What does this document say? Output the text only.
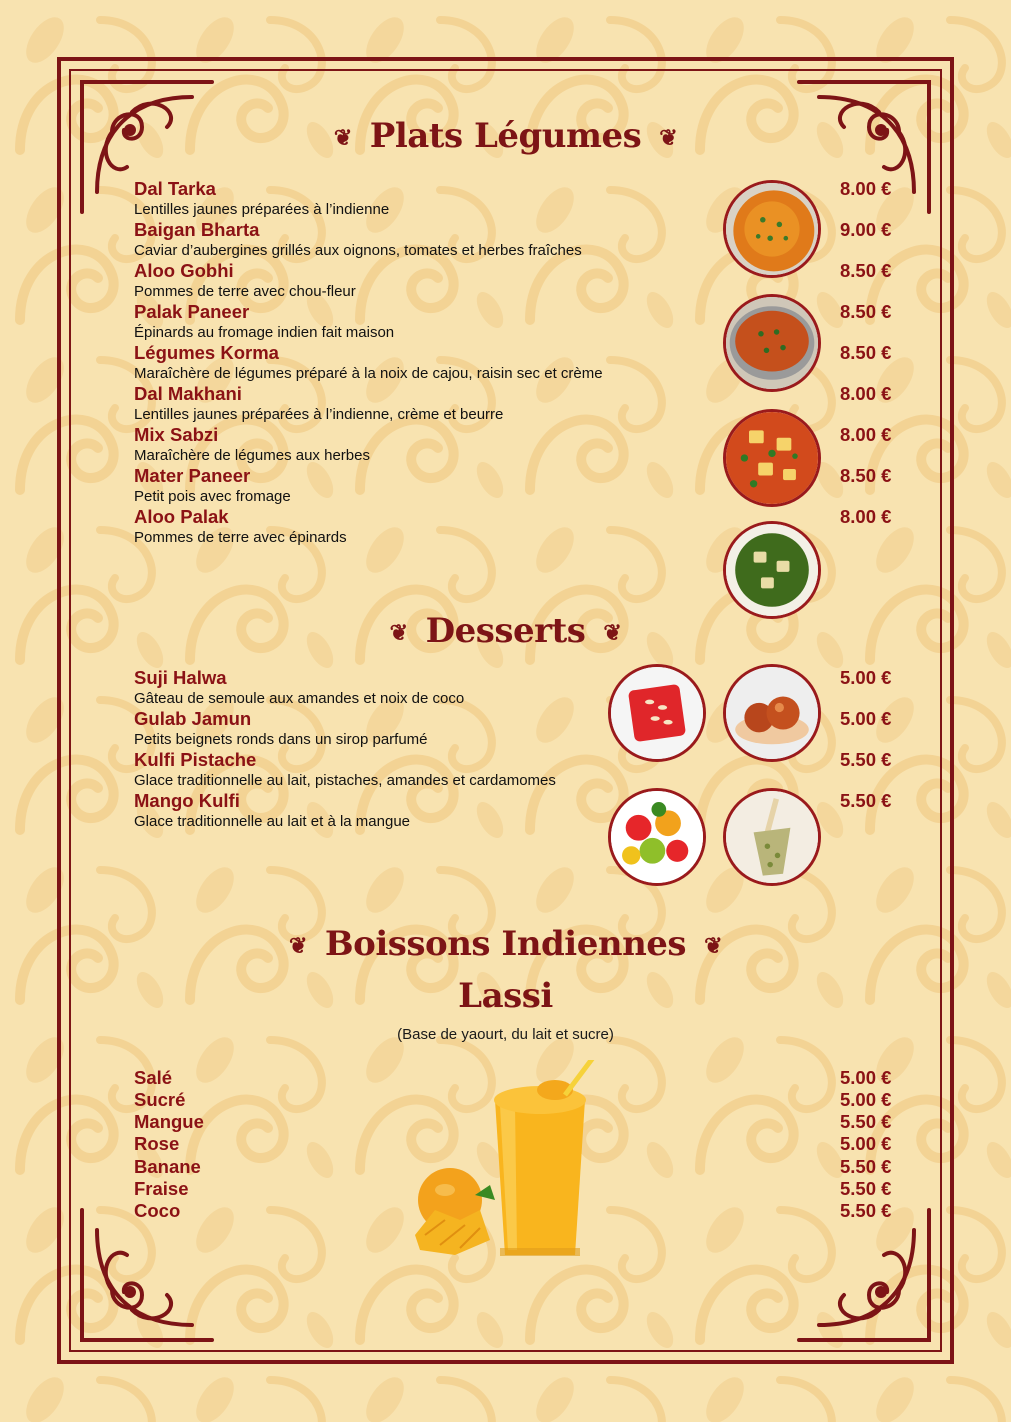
❦ Plats Légumes ❦
Dal Tarka
Lentilles jaunes préparées à l’indienne
8.00 €
Baigan Bharta
Caviar d’aubergines grillés aux oignons, tomates et herbes fraîches
9.00 €
Aloo Gobhi
Pommes de terre avec chou-fleur
8.50 €
Palak Paneer
Épinards au fromage indien fait maison
8.50 €
Légumes Korma
Maraîchère de légumes préparé à la noix de cajou, raisin sec et crème
8.50 €
Dal Makhani
Lentilles jaunes préparées à l’indienne, crème et beurre
8.00 €
Mix Sabzi
Maraîchère de légumes aux herbes
8.00 €
Mater Paneer
Petit pois avec fromage
8.50 €
Aloo Palak
Pommes de terre avec épinards
8.00 €
❦ Desserts ❦
Suji Halwa
Gâteau de semoule aux amandes et noix de coco
5.00 €
Gulab Jamun
Petits beignets ronds dans un sirop parfumé
5.00 €
Kulfi Pistache
Glace traditionnelle au lait, pistaches, amandes et cardamomes
5.50 €
Mango Kulfi
Glace traditionnelle au lait et à la mangue
5.50 €
❦ Boissons Indiennes ❦
Lassi
(Base de yaourt, du lait et sucre)
Salé	5.00 €
Sucré	5.00 €
Mangue	5.50 €
Rose	5.00 €
Banane	5.50 €
Fraise	5.50 €
Coco	5.50 €
